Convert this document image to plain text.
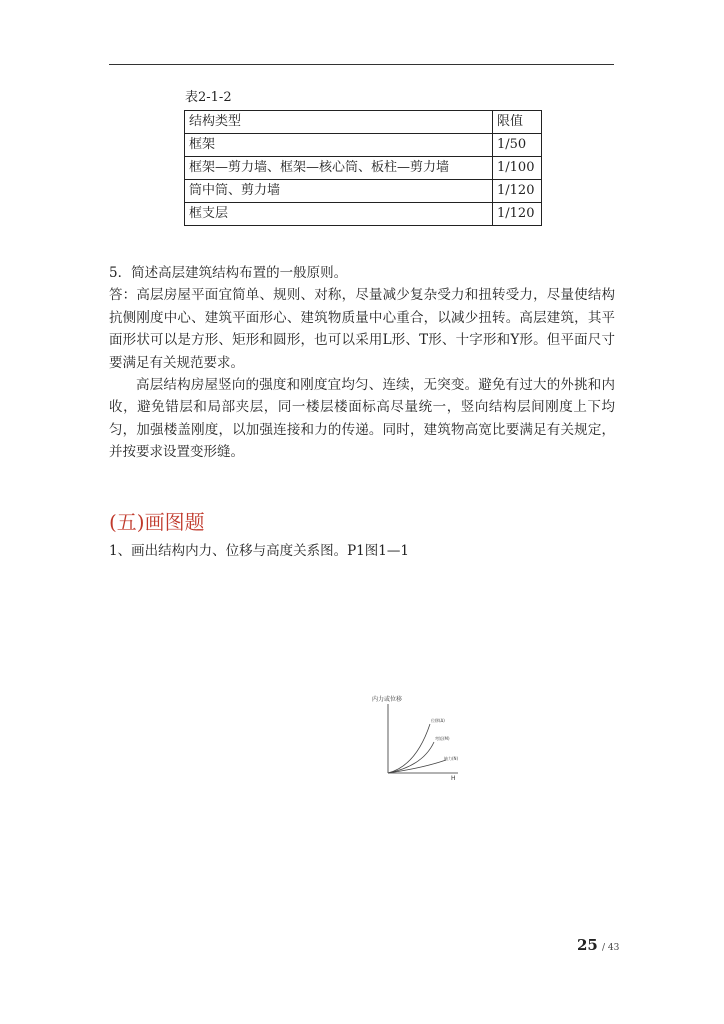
表2-1-2
结构类型	限值
框架	1/50
框架—剪力墙、框架—核心筒、板柱—剪力墙	1/100
筒中筒、剪力墙	1/120
框支层	1/120

5．简述高层建筑结构布置的一般原则。

答：高层房屋平面宜简单、规则、对称，尽量减少复杂受力和扭转受力，尽量使结构抗侧刚度中心、建筑平面形心、建筑物质量中心重合，以减少扭转。高层建筑，其平面形状可以是方形、矩形和圆形，也可以采用L形、T形、十字形和Y形。但平面尺寸要满足有关规范要求。

高层结构房屋竖向的强度和刚度宜均匀、连续，无突变。避免有过大的外挑和内收，避免错层和局部夹层，同一楼层楼面标高尽量统一，竖向结构层间刚度上下均匀，加强楼盖刚度，以加强连接和力的传递。同时，建筑物高宽比要满足有关规定，并按要求设置变形缝。

(五)画图题
1、画出结构内力、位移与高度关系图。P1图1—1
内力或位移
位移(Δ)
弯矩(M)
轴力(N)
H
25 / 43
